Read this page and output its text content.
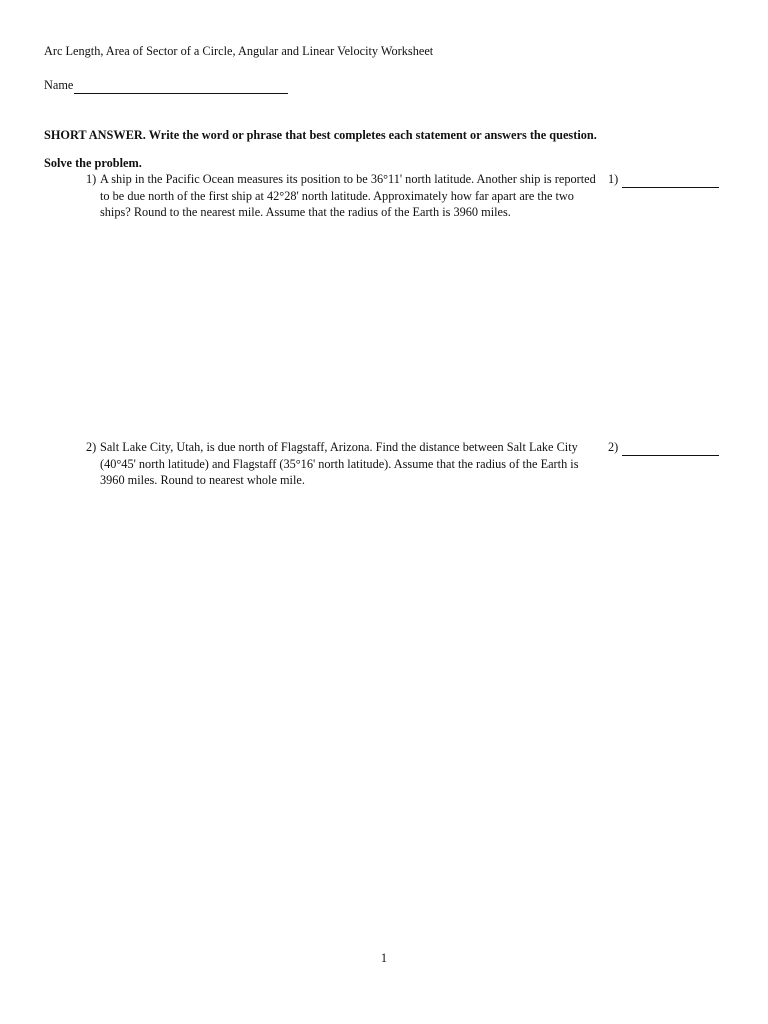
Arc Length, Area of Sector of a Circle, Angular and Linear Velocity Worksheet
Name
SHORT ANSWER. Write the word or phrase that best completes each statement or answers the question.
Solve the problem.
1) A ship in the Pacific Ocean measures its position to be 36°11' north latitude. Another ship is reported to be due north of the first ship at 42°28' north latitude. Approximately how far apart are the two ships? Round to the nearest mile. Assume that the radius of the Earth is 3960 miles.
1)
2) Salt Lake City, Utah, is due north of Flagstaff, Arizona. Find the distance between Salt Lake City (40°45' north latitude) and Flagstaff (35°16' north latitude). Assume that the radius of the Earth is 3960 miles. Round to nearest whole mile.
2)
1
